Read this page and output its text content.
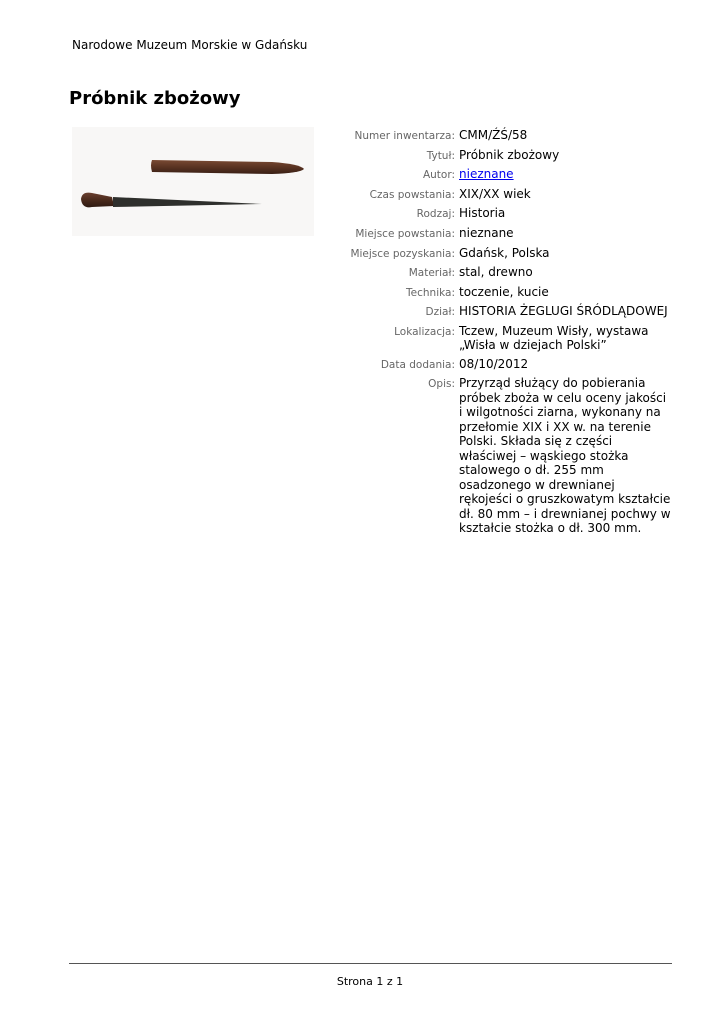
Narodowe Muzeum Morskie w Gdańsku
Próbnik zbożowy
Numer inwentarza: CMM/ŹŚ/58
Tytuł: Próbnik zbożowy
Autor: nieznane
Czas powstania: XIX/XX wiek
Rodzaj: Historia
Miejsce powstania: nieznane
Miejsce pozyskania: Gdańsk, Polska
Materiał: stal, drewno
Technika: toczenie, kucie
Dział: HISTORIA ŻEGLUGI ŚRÓDLĄDOWEJ
Lokalizacja: Tczew, Muzeum Wisły, wystawa „Wisła w dziejach Polski”
Data dodania: 08/10/2012
Opis: Przyrząd służący do pobierania próbek zboża w celu oceny jakości i wilgotności ziarna, wykonany na przełomie XIX i XX w. na terenie Polski. Składa się z części właściwej – wąskiego stożka stalowego o dł. 255 mm osadzonego w drewnianej rękojeści o gruszkowatym kształcie dł. 80 mm – i drewnianej pochwy w kształcie stożka o dł. 300 mm.
Strona 1 z 1
